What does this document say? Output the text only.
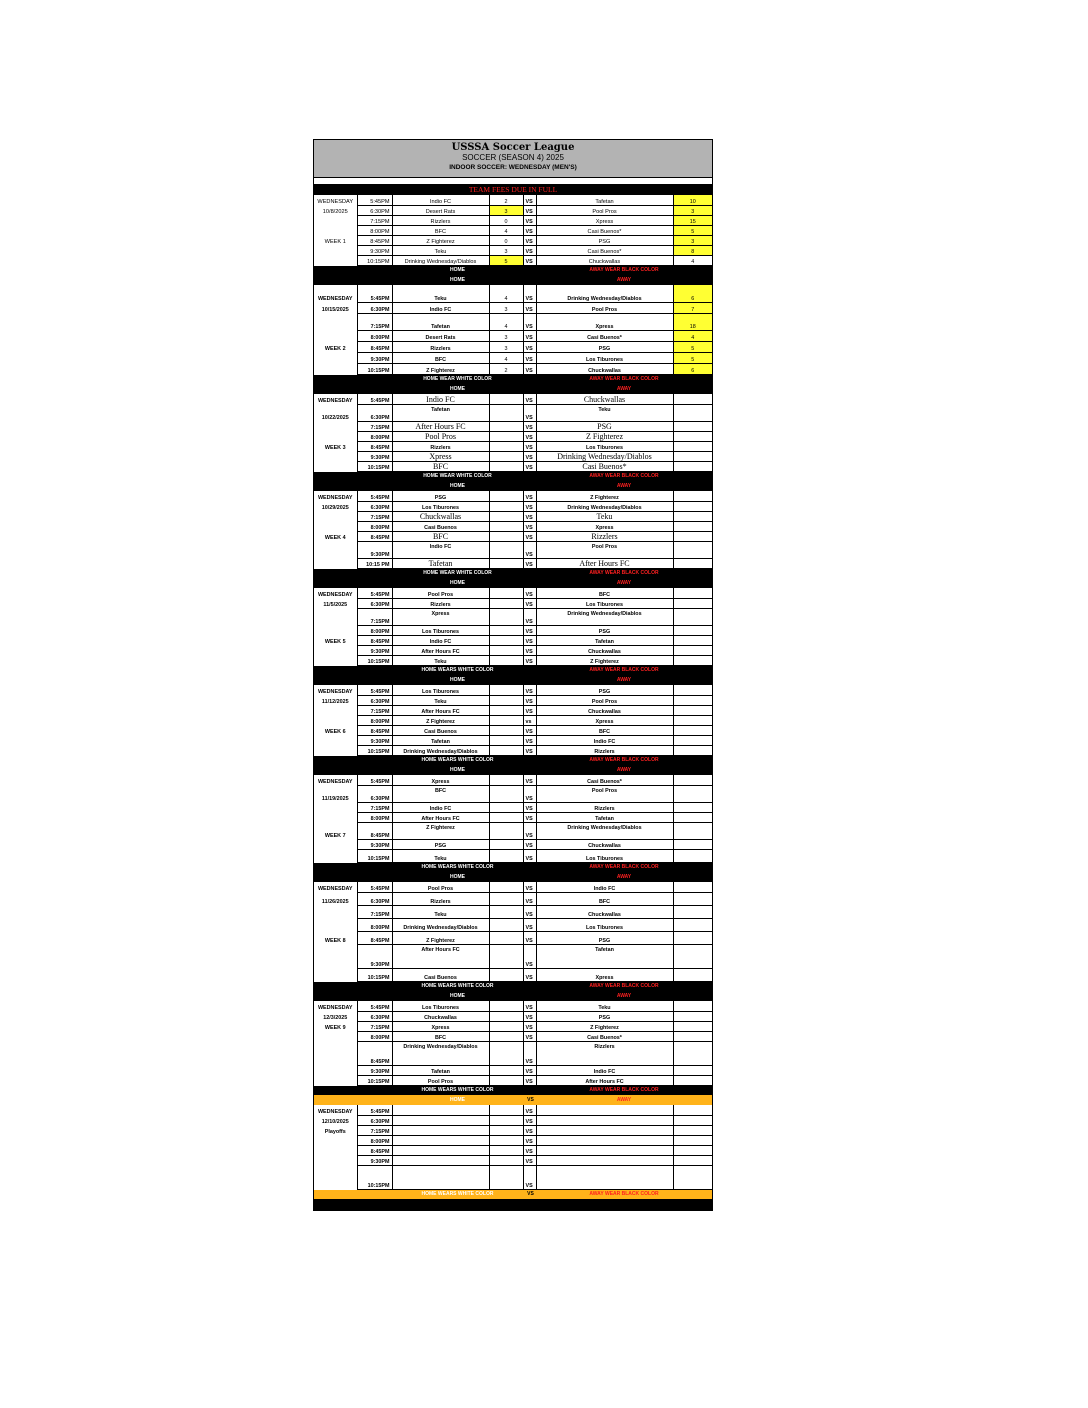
USSSA Soccer League
SOCCER (SEASON 4) 2025
INDOOR SOCCER: WEDNESDAY (MEN'S)
TEAM FEES DUE IN FULL
WEDNESDAY	5:45PM	Indio FC	2	VS	Tafetan	10
10/8/2025	6:30PM	Desert Rats	3	VS	Pool Pros	3
	7:15PM	Rizzlers	0	VS	Xpress	15
	8:00PM	BFC	4	VS	Casi Buenos*	5
WEEK 1	8:45PM	Z Fighterez	0	VS	PSG	3
	9:30PM	Teku	3	VS	Casi Buenos*	8
	10:15PM	Drinking Wednesday/Diablos	5	VS	Chuckwallas	4
		HOME			AWAY WEAR BLACK COLOR	
		HOME			AWAY	
WEDNESDAY	5:45PM	Teku	4	VS	Drinking Wednesday/Diablos	6
10/15/2025	6:30PM	Indio FC	3	VS	Pool Pros	7
	7:15PM	Tafetan	4	VS	Xpress	18
	8:00PM	Desert Rats	3	VS	Casi Buenos*	4
WEEK 2	8:45PM	Rizzlers	3	VS	PSG	5
	9:30PM	BFC	4	VS	Los Tiburones	5
	10:15PM	Z Fighterez	2	VS	Chuckwallas	6
		HOME WEAR WHITE COLOR			AWAY WEAR BLACK COLOR	
		HOME			AWAY	
WEDNESDAY	5:45PM	Indio FC		VS	Chuckwallas	
10/22/2025	6:30PM	Tafetan		VS	Teku	
	7:15PM	After Hours FC		VS	PSG	
	8:00PM	Pool Pros		VS	Z Fighterez	
WEEK 3	8:45PM	Rizzlers		VS	Los Tiburones	
	9:30PM	Xpress		VS	Drinking Wednesday/Diablos	
	10:15PM	BFC		VS	Casi Buenos*	
		HOME WEAR WHITE COLOR			AWAY WEAR BLACK COLOR	
		HOME			AWAY	
WEDNESDAY	5:45PM	PSG		VS	Z Fighterez	
10/29/2025	6:30PM	Los Tiburones		VS	Drinking Wednesday/Diablos	
	7:15PM	Chuckwallas		VS	Teku	
	8:00PM	Casi Buenos		VS	Xpress	
WEEK 4	8:45PM	BFC		VS	Rizzlers	
	9:30PM	Indio FC		VS	Pool Pros	
	10:15 PM	Tafetan		VS	After Hours FC	
		HOME WEAR WHITE COLOR			AWAY WEAR BLACK COLOR	
		HOME			AWAY	
WEDNESDAY	5:45PM	Pool Pros		VS	BFC	
11/5/2025	6:30PM	Rizzlers		VS	Los Tiburones	
	7:15PM	Xpress		VS	Drinking Wednesday/Diablos	
	8:00PM	Los Tiburones		VS	PSG	
WEEK 5	8:45PM	Indio FC		VS	Tafetan	
	9:30PM	After Hours FC		VS	Chuckwallas	
	10:15PM	Teku		VS	Z Fighterez	
		HOME WEARS WHITE COLOR			AWAY WEAR BLACK COLOR	
		HOME			AWAY	
WEDNESDAY	5:45PM	Los Tiburones		VS	PSG	
11/12/2025	6:30PM	Teku		VS	Pool Pros	
	7:15PM	After Hours FC		VS	Chuckwallas	
	8:00PM	Z Fighterez		vs	Xpress	
WEEK 6	8:45PM	Casi Buenos		VS	BFC	
	9:30PM	Tafetan		VS	Indio FC	
	10:15PM	Drinking Wednesday/Diablos		VS	Rizzlers	
		HOME WEARS WHITE COLOR			AWAY WEAR BLACK COLOR	
		HOME			AWAY	
WEDNESDAY	5:45PM	Xpress		VS	Casi Buenos*	
11/19/2025	6:30PM	BFC		VS	Pool Pros	
	7:15PM	Indio FC		VS	Rizzlers	
	8:00PM	After Hours FC		VS	Tafetan	
WEEK 7	8:45PM	Z Fighterez		VS	Drinking Wednesday/Diablos	
	9:30PM	PSG		VS	Chuckwallas	
	10:15PM	Teku		VS	Los Tiburones	
		HOME WEARS WHITE COLOR			AWAY WEAR BLACK COLOR	
		HOME			AWAY	
WEDNESDAY	5:45PM	Pool Pros		VS	Indio FC	
11/26/2025	6:30PM	Rizzlers		VS	BFC	
	7:15PM	Teku		VS	Chuckwallas	
	8:00PM	Drinking Wednesday/Diablos		VS	Los Tiburones	
WEEK 8	8:45PM	Z Fighterez		VS	PSG	
	9:30PM	After Hours FC		VS	Tafetan	
	10:15PM	Casi Buenos		VS	Xpress	
		HOME WEARS WHITE COLOR			AWAY WEAR BLACK COLOR	
		HOME			AWAY	
WEDNESDAY	5:45PM	Los Tiburones		VS	Teku	
12/3/2025	6:30PM	Chuckwallas		VS	PSG	
WEEK 9	7:15PM	Xpress		VS	Z Fighterez	
	8:00PM	BFC		VS	Casi Buenos*	
	8:45PM	Drinking Wednesday/Diablos		VS	Rizzlers	
	9:30PM	Tafetan		VS	Indio FC	
	10:15PM	Pool Pros		VS	After Hours FC	
		HOME WEARS WHITE COLOR			AWAY WEAR BLACK COLOR	
		HOME		VS	AWAY	
WEDNESDAY	5:45PM			VS		
12/10/2025	6:30PM			VS		
Playoffs	7:15PM			VS		
	8:00PM			VS		
	8:45PM			VS		
	9:30PM			VS		
	10:15PM			VS		
		HOME WEARS WHITE COLOR		VS	AWAY WEAR BLACK COLOR	
